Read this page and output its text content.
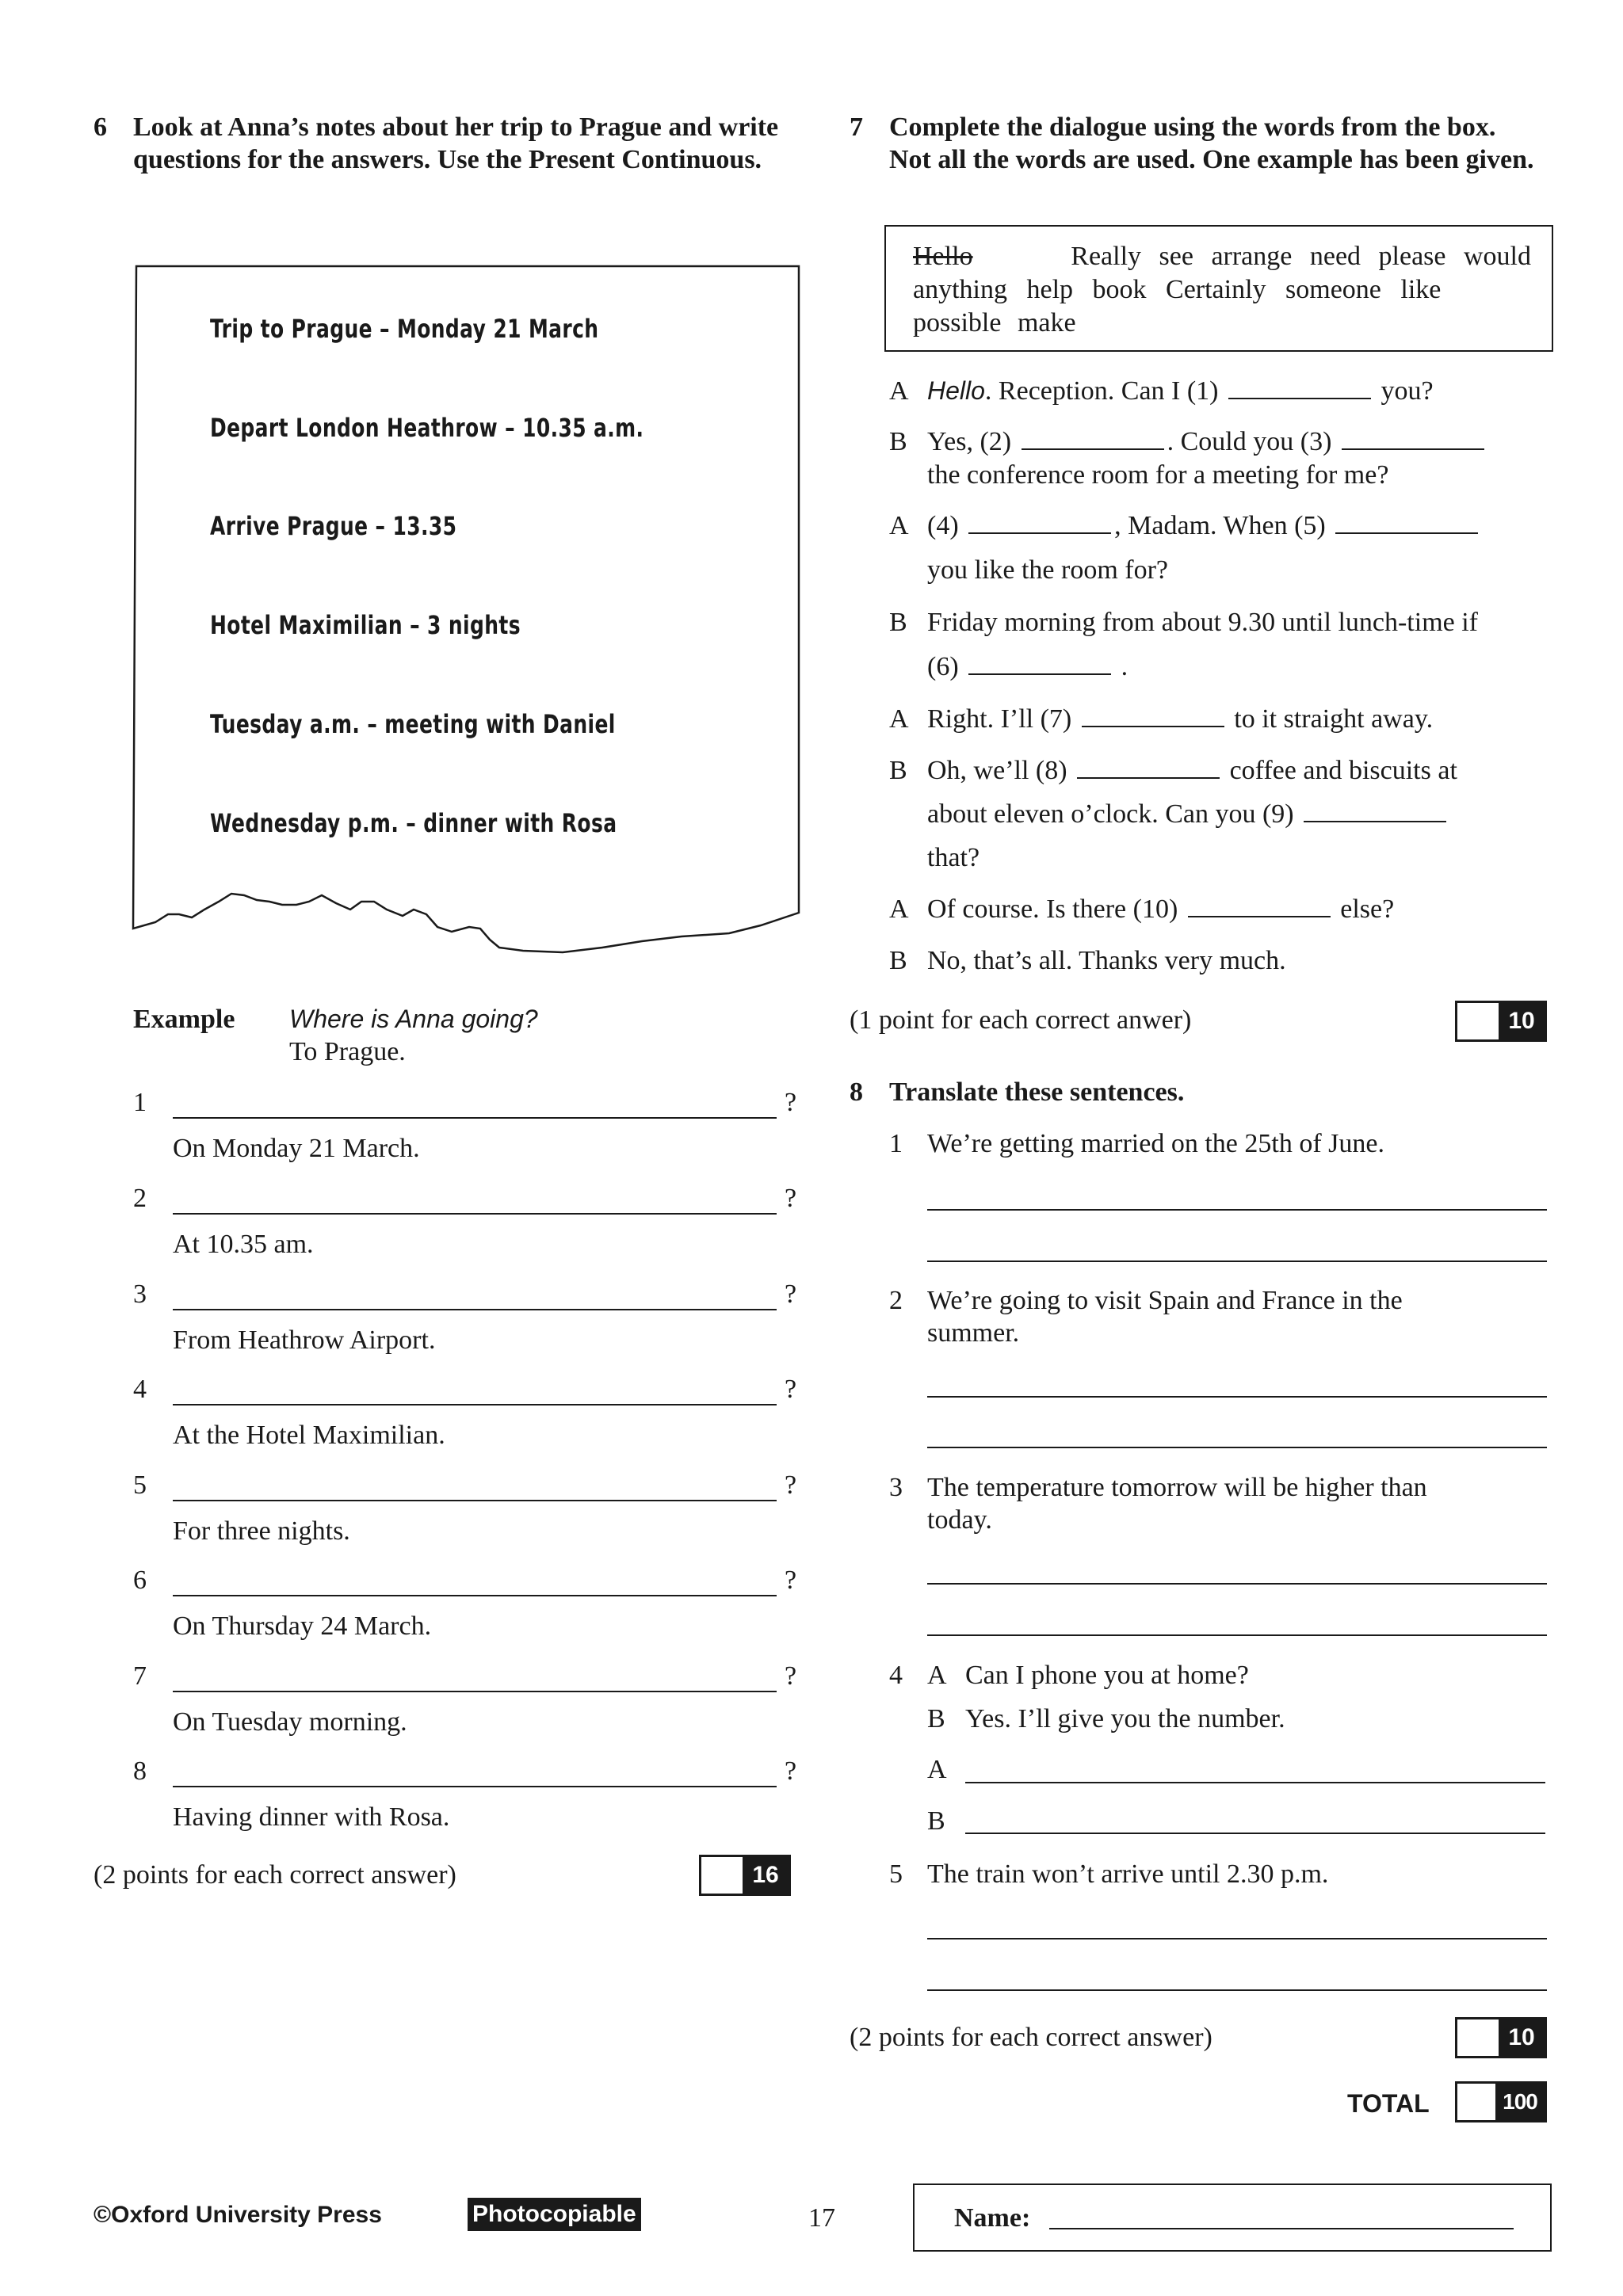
6 Look at Anna’s notes about her trip to Prague and write questions for the answers. Use the Present Continuous.
Trip to Prague – Monday 21 March
Depart London Heathrow – 10.35 a.m.
Arrive Prague – 13.35
Hotel Maximilian – 3 nights
Tuesday a.m. – meeting with Daniel
Wednesday p.m. – dinner with Rosa
Example Where is Anna going?
To Prague.
1	?
On Monday 21 March.
2	?
At 10.35 am.
3	?
From Heathrow Airport.
4	?
At the Hotel Maximilian.
5	?
For three nights.
6	?
On Thursday 24 March.
7	?
On Tuesday morning.
8	?
Having dinner with Rosa.
(2 points for each correct answer)	16
7 Complete the dialogue using the words from the box. Not all the words are used. One example has been given.
Hello	Really see arrange need please would
anything help book Certainly someone like
possible make
A Hello. Reception. Can I (1)	you?
B Yes, (2)	. Could you (3)
the conference room for a meeting for me?
A (4)	, Madam. When (5)
you like the room for?
B Friday morning from about 9.30 until lunch-time if
(6)	.
A Right. I’ll (7)	to it straight away.
B Oh, we’ll (8)	coffee and biscuits at
about eleven o’clock. Can you (9)
that?
A Of course. Is there (10)	else?
B No, that’s all. Thanks very much.
(1 point for each correct anwer)	10
8 Translate these sentences.
1 We’re getting married on the 25th of June.
2 We’re going to visit Spain and France in the
summer.
3 The temperature tomorrow will be higher than
today.
4 A Can I phone you at home?
B Yes. I’ll give you the number.
A
B
5 The train won’t arrive until 2.30 p.m.
(2 points for each correct answer)	10
TOTAL	100
©Oxford University Press	Photocopiable	17	Name:
